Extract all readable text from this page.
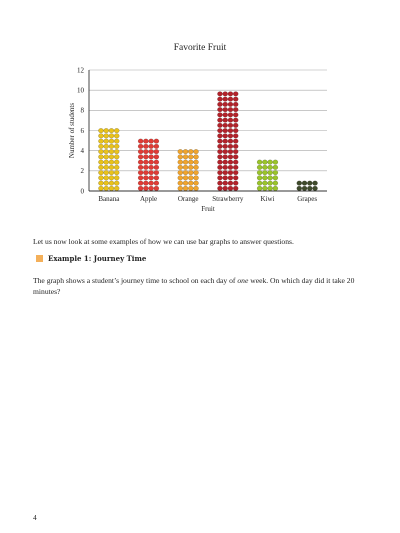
Favorite Fruit
0
2
4
6
8
10
12
Banana	Apple	Orange Strawberry Kiwi	Grapes
Fruit
Number of students
Let us now look at some examples of how we can use bar graphs to answer questions.
Example 1: Journey Time
The graph shows a student’s journey time to school on each day of one week. On which day did it take 20 minutes?
4
